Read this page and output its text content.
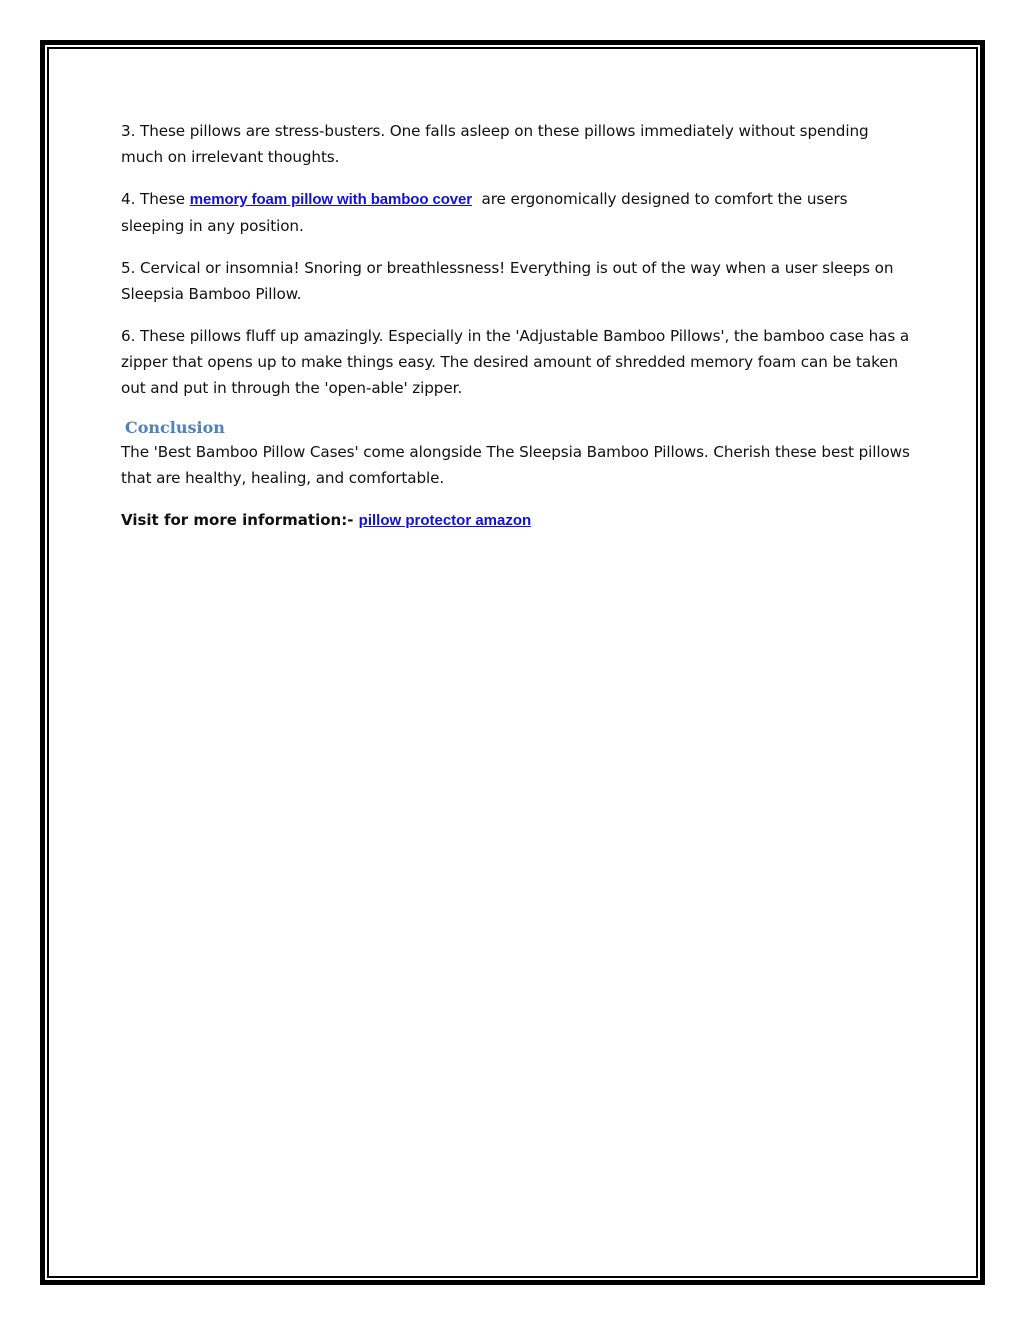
3. These pillows are stress-busters. One falls asleep on these pillows immediately without spending much on irrelevant thoughts.

4. These memory foam pillow with bamboo cover  are ergonomically designed to comfort the users sleeping in any position.

5. Cervical or insomnia! Snoring or breathlessness! Everything is out of the way when a user sleeps on Sleepsia Bamboo Pillow.

6. These pillows fluff up amazingly. Especially in the 'Adjustable Bamboo Pillows', the bamboo case has a zipper that opens up to make things easy. The desired amount of shredded memory foam can be taken out and put in through the 'open-able' zipper.

Conclusion

The 'Best Bamboo Pillow Cases' come alongside The Sleepsia Bamboo Pillows. Cherish these best pillows that are healthy, healing, and comfortable.

Visit for more information:- pillow protector amazon
